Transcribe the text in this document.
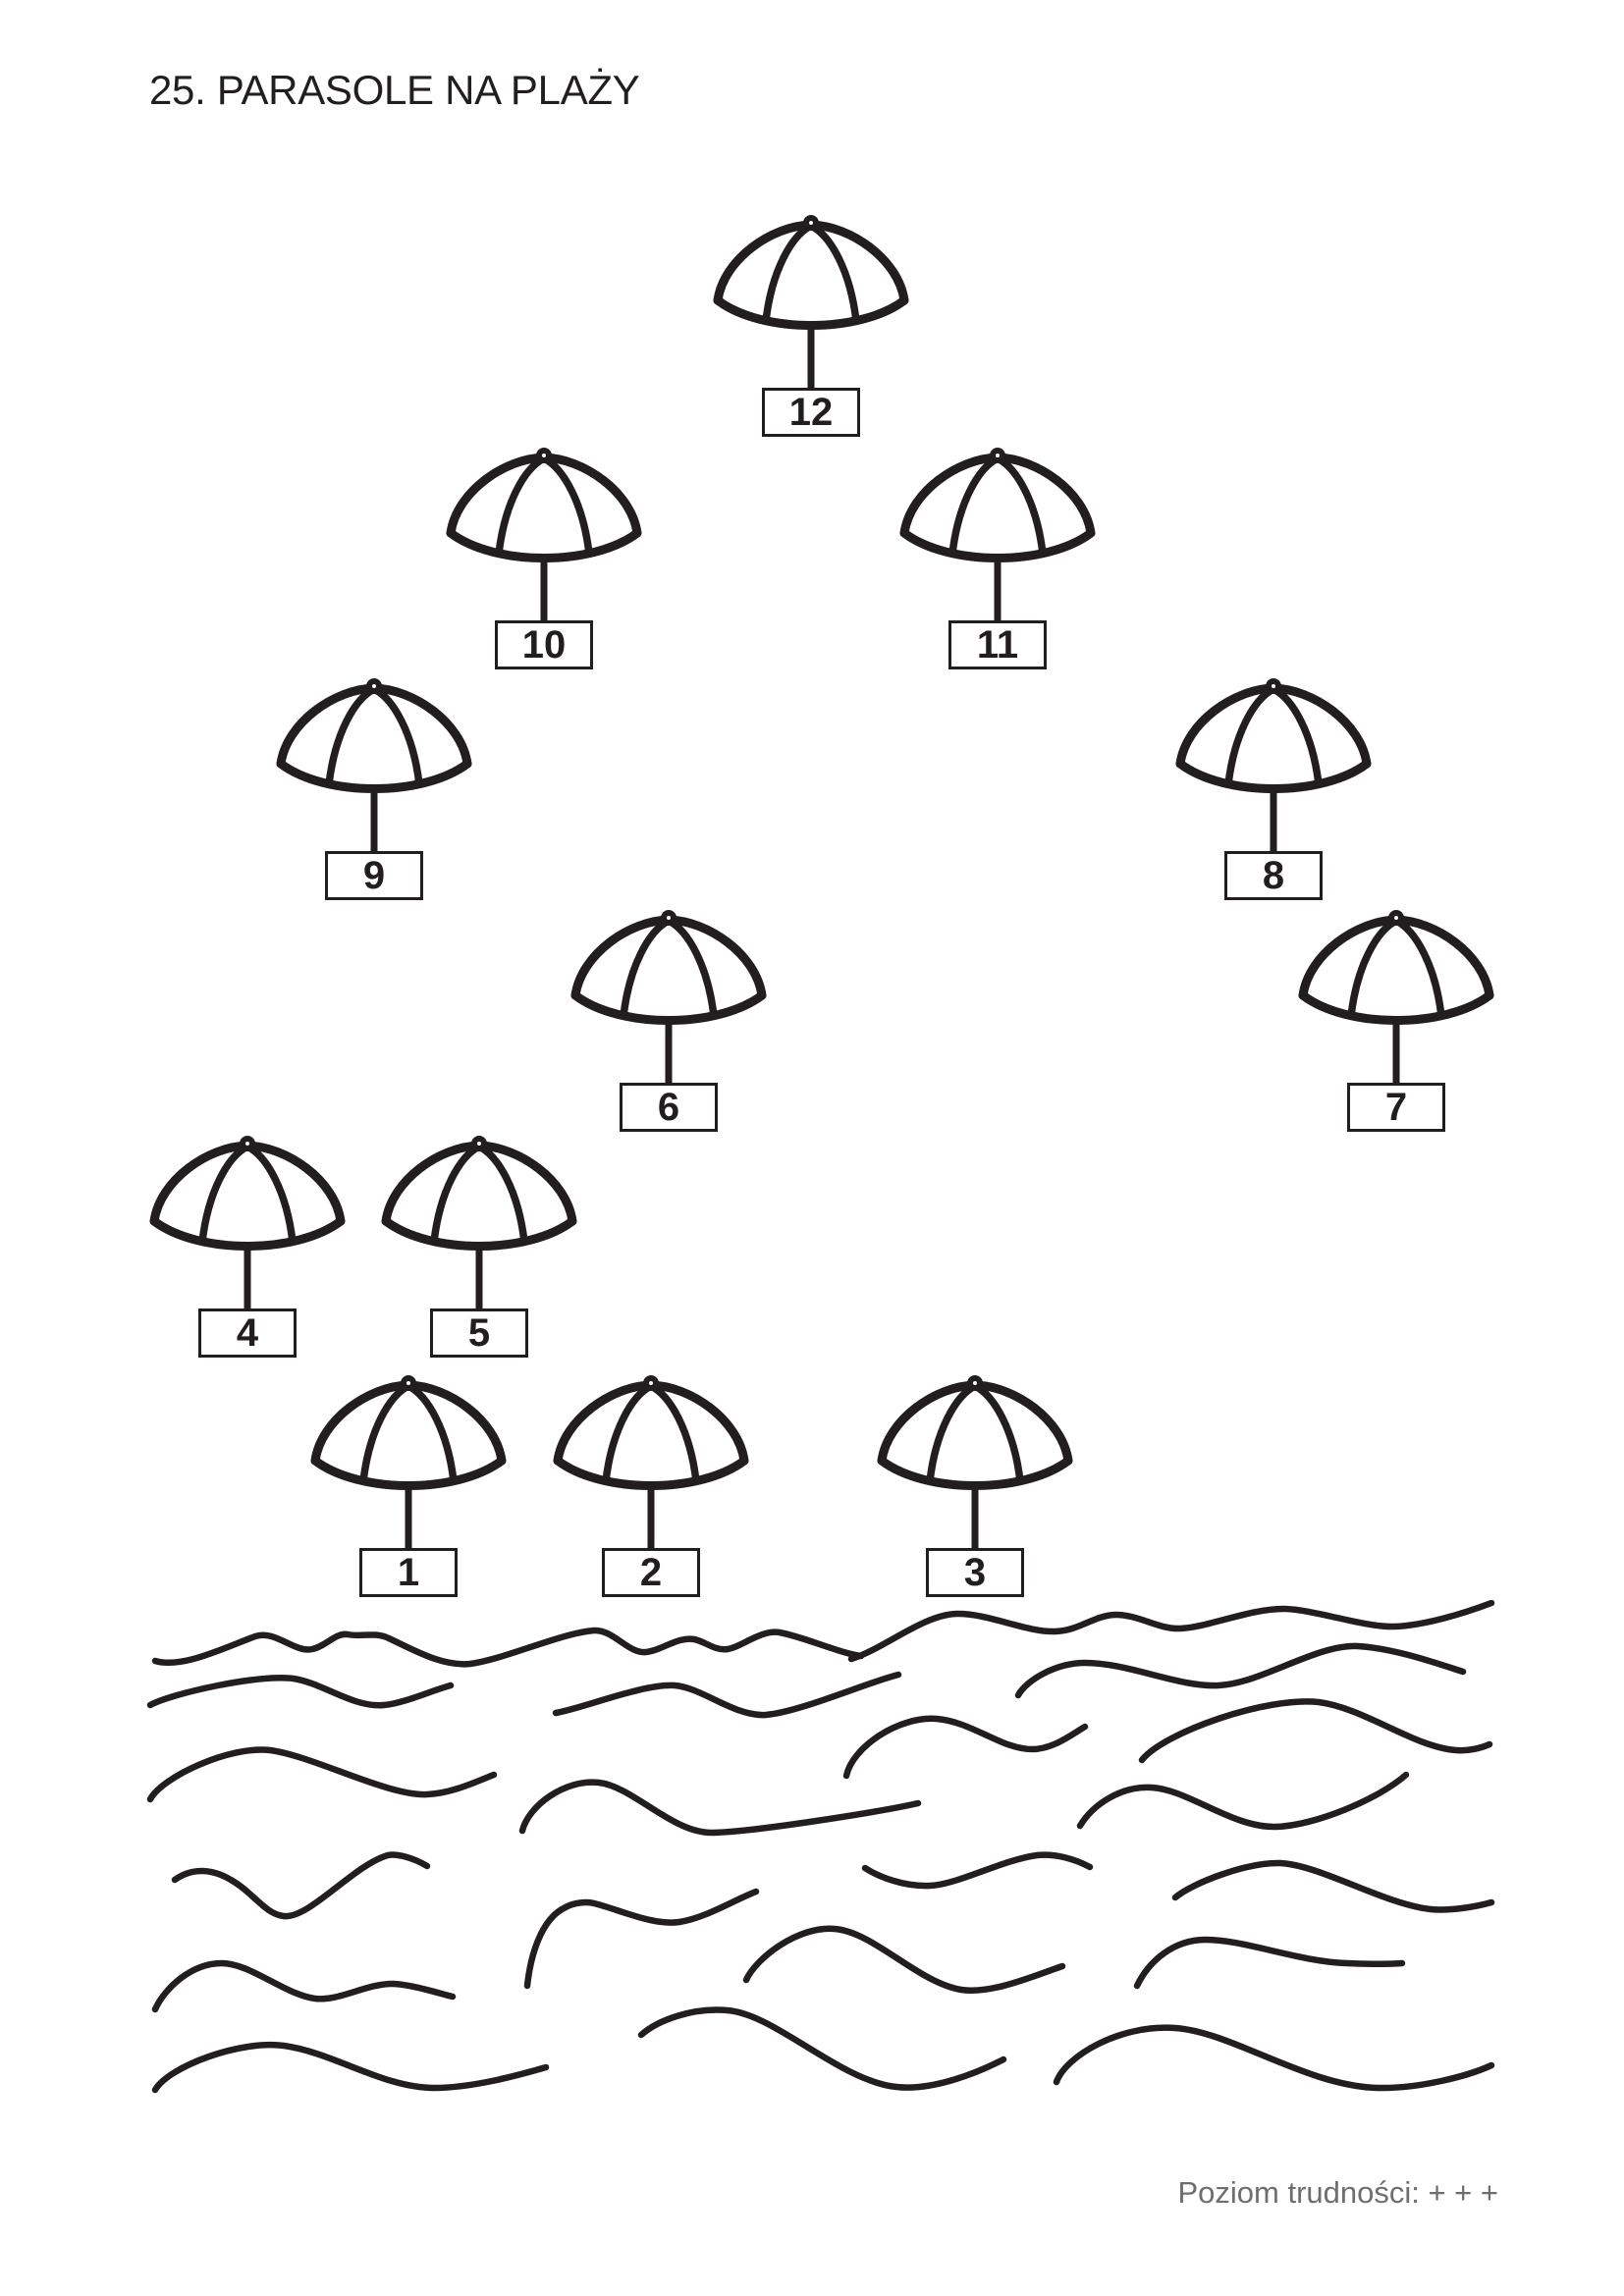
25. PARASOLE NA PLAŻY
1	2	3
4	5
6	7
8
9
10	11
12
Poziom trudności: + + +
